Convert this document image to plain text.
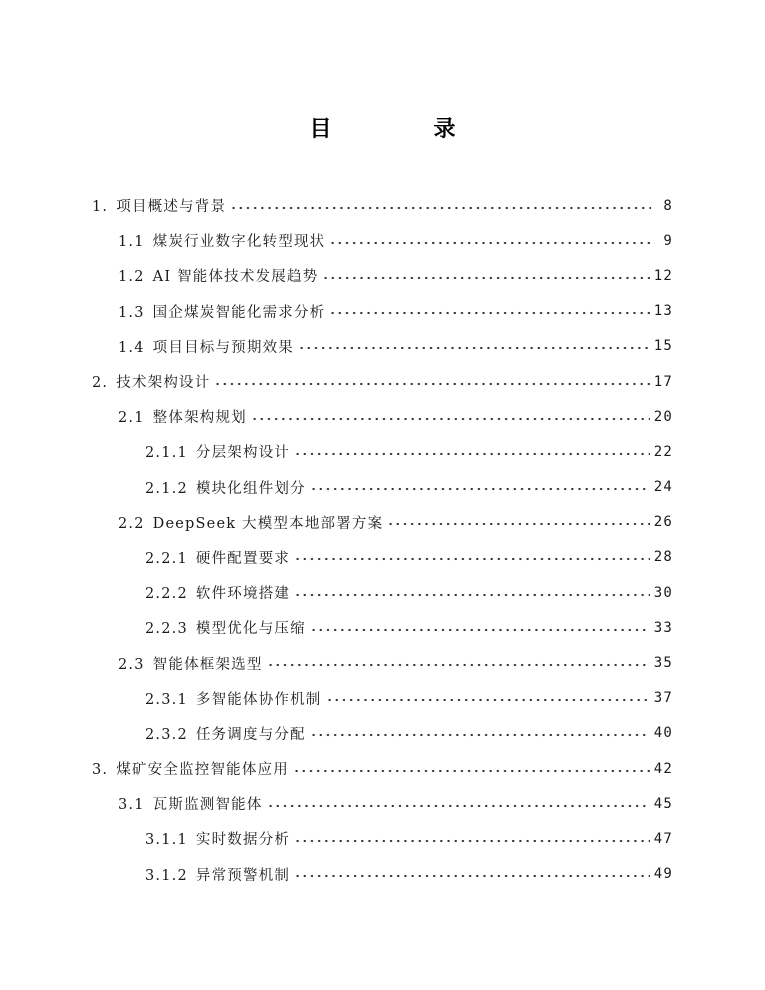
目　录
1. 项目概述与背景	8
1.1 煤炭行业数字化转型现状	9
1.2 AI 智能体技术发展趋势	12
1.3 国企煤炭智能化需求分析	13
1.4 项目目标与预期效果	15
2. 技术架构设计	17
2.1 整体架构规划	20
2.1.1 分层架构设计	22
2.1.2 模块化组件划分	24
2.2 DeepSeek 大模型本地部署方案	26
2.2.1 硬件配置要求	28
2.2.2 软件环境搭建	30
2.2.3 模型优化与压缩	33
2.3 智能体框架选型	35
2.3.1 多智能体协作机制	37
2.3.2 任务调度与分配	40
3. 煤矿安全监控智能体应用	42
3.1 瓦斯监测智能体	45
3.1.1 实时数据分析	47
3.1.2 异常预警机制	49
